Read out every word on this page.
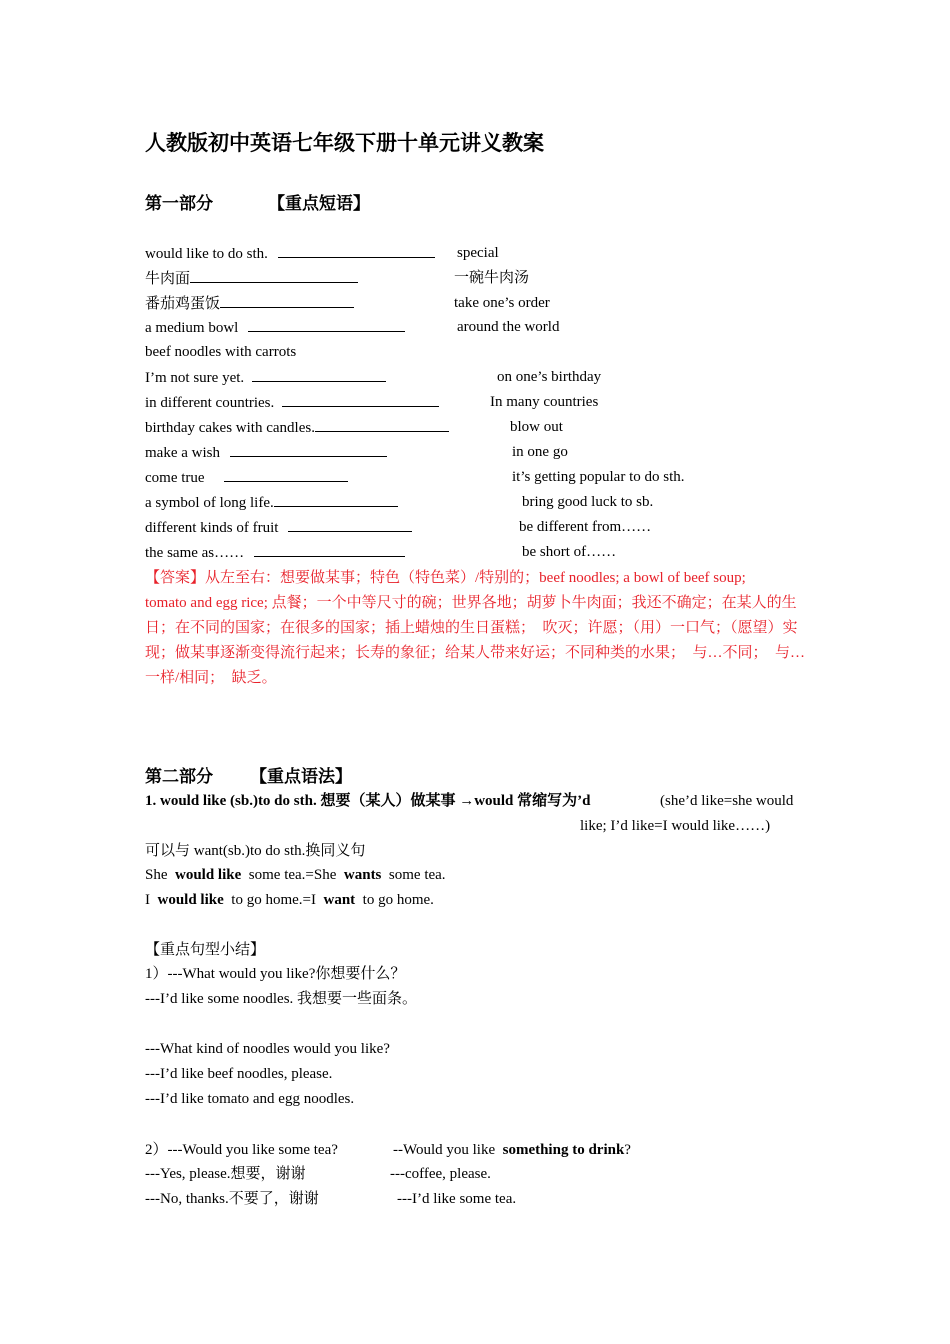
人教版初中英语七年级下册十单元讲义教案
第一部分	【重点短语】
would like to do sth.
牛肉面
番茄鸡蛋饭
a medium bowl
beef noodles with carrots
I’m not sure yet.
in different countries.
birthday cakes with candles.
make a wish
come true
a symbol of long life.
different kinds of fruit
the same as……
special
一碗牛肉汤
take one’s order
around the world
on one’s birthday
In many countries
blow out
in one go
it’s getting popular to do sth.
bring good luck to sb.
be different from……
be short of……

【答案】从左至右：想要做某事；特色（特色菜）/特别的；beef noodles; a bowl of beef soup;

tomato and egg rice; 点餐；一个中等尺寸的碗；世界各地；胡萝卜牛肉面；我还不确定；在某人的生日；在不同的国家；在很多的国家；插上蜡烛的生日蛋糕；　吹灭；许愿；（用）一口气；（愿望）实现；做某事逐渐变得流行起来；长寿的象征；给某人带来好运；不同种类的水果；　与…不同；　与…一样/相同；　缺乏。

第二部分 【重点语法】
1. would like (sb.)to do sth. 想要（某人）做某事 →would 常缩写为’d	(she’d like=she would
like; I’d like=I would like……)
可以与 want(sb.)to do sth.换同义句
She would like some tea.=She wants some tea.
I would like to go home.=I want to go home.
【重点句型小结】
1）---What would you like?你想要什么？
---I’d like some noodles. 我想要一些面条。
---What kind of noodles would you like?
---I’d like beef noodles, please.
---I’d like tomato and egg noodles.
2）---Would you like some tea?
---Yes, please.想要，谢谢
---No, thanks.不要了，谢谢
--Would you like something to drink?
---coffee, please.
---I’d like some tea.
